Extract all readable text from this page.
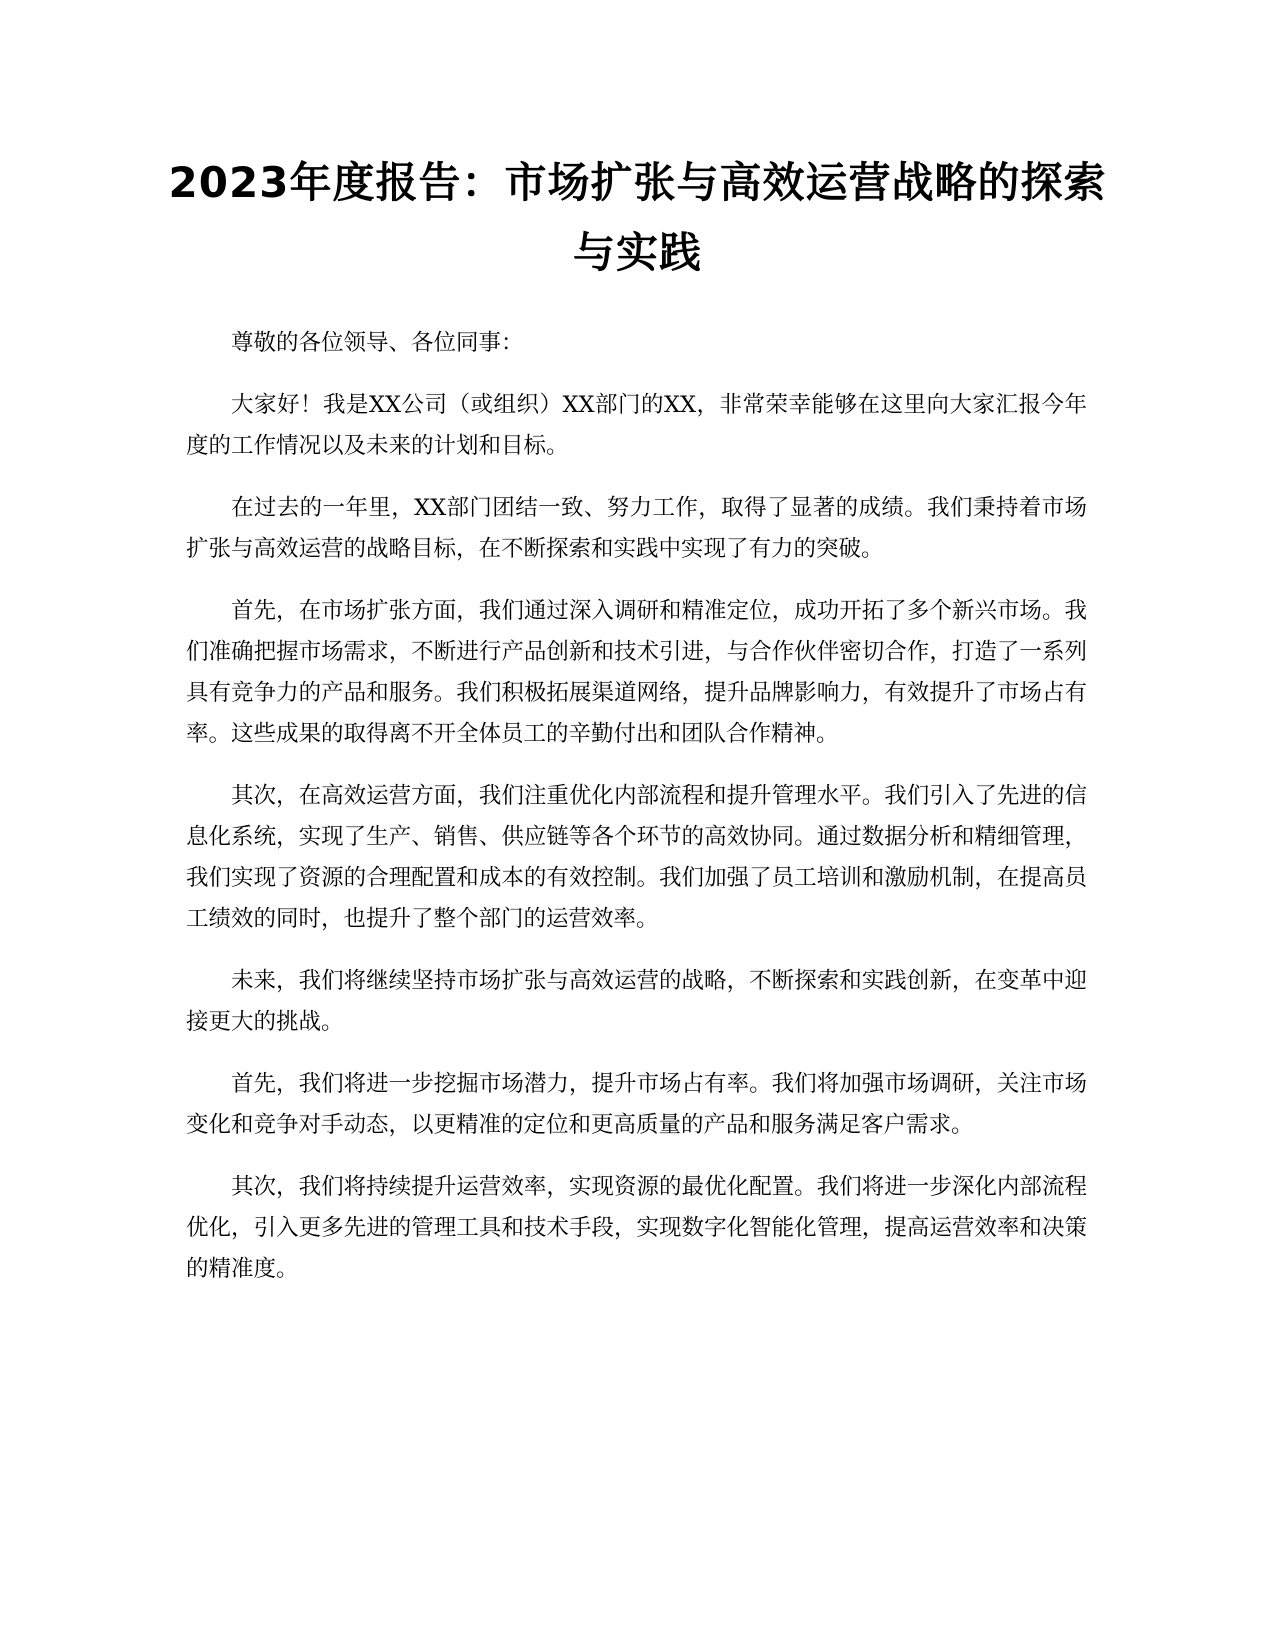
2023年度报告：市场扩张与高效运营战略的探索与实践

尊敬的各位领导、各位同事：

大家好！我是XX公司（或组织）XX部门的XX，非常荣幸能够在这里向大家汇报今年度的工作情况以及未来的计划和目标。

在过去的一年里，XX部门团结一致、努力工作，取得了显著的成绩。我们秉持着市场扩张与高效运营的战略目标，在不断探索和实践中实现了有力的突破。

首先，在市场扩张方面，我们通过深入调研和精准定位，成功开拓了多个新兴市场。我们准确把握市场需求，不断进行产品创新和技术引进，与合作伙伴密切合作，打造了一系列具有竞争力的产品和服务。我们积极拓展渠道网络，提升品牌影响力，有效提升了市场占有率。这些成果的取得离不开全体员工的辛勤付出和团队合作精神。

其次，在高效运营方面，我们注重优化内部流程和提升管理水平。我们引入了先进的信息化系统，实现了生产、销售、供应链等各个环节的高效协同。通过数据分析和精细管理，我们实现了资源的合理配置和成本的有效控制。我们加强了员工培训和激励机制，在提高员工绩效的同时，也提升了整个部门的运营效率。

未来，我们将继续坚持市场扩张与高效运营的战略，不断探索和实践创新，在变革中迎接更大的挑战。

首先，我们将进一步挖掘市场潜力，提升市场占有率。我们将加强市场调研，关注市场变化和竞争对手动态，以更精准的定位和更高质量的产品和服务满足客户需求。

其次，我们将持续提升运营效率，实现资源的最优化配置。我们将进一步深化内部流程优化，引入更多先进的管理工具和技术手段，实现数字化智能化管理，提高运营效率和决策的精准度。
